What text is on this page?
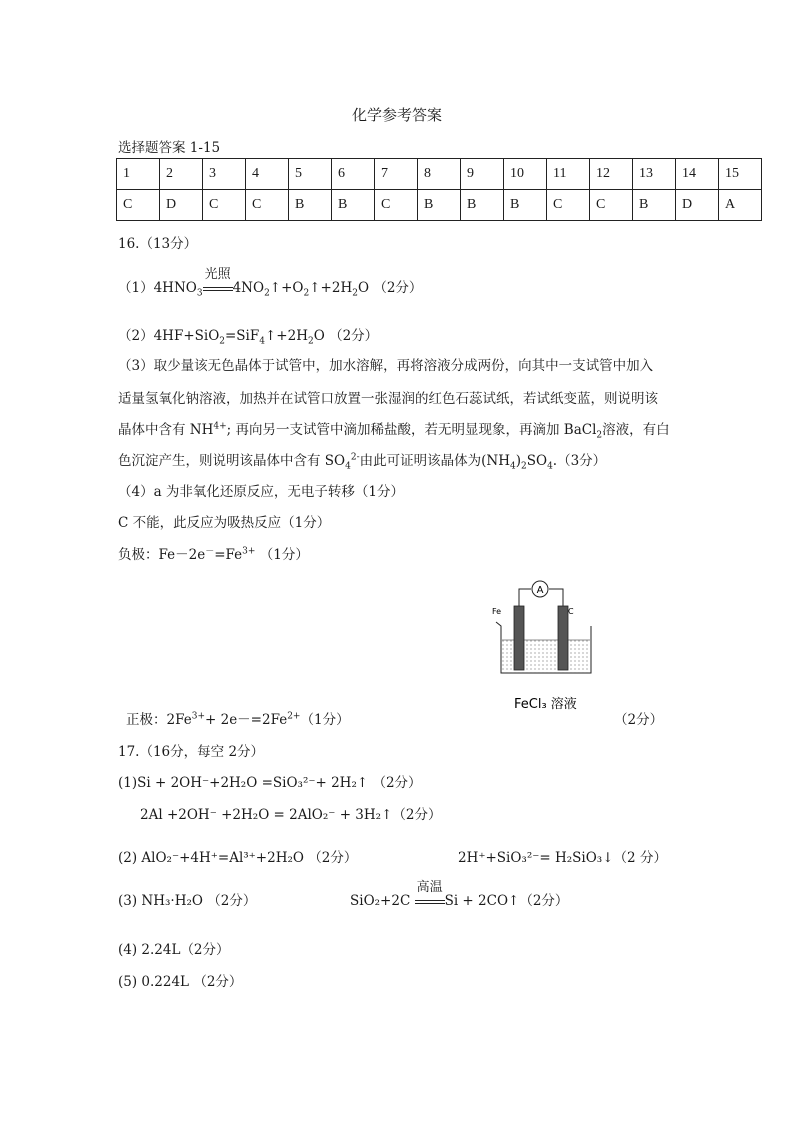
化学参考答案
选择题答案 1-15
1	2	3	4	5	6	7	8	9	10	11	12	13	14	15
C	D	C	C	B	B	C	B	B	B	C	C	B	D	A
16.（13分）
$(1)4HNO_3$
光照
$4NO_2↑+O_2↑+2H_2O$ （2分）
$(2)4HF+SiO_2=SiF_4↑+2H_2O$ （2分）
（3）取少量该无色晶体于试管中，加水溶解，再将溶液分成两份，向其中一支试管中加入
适量氢氧化钠溶液，加热并在试管口放置一张湿润的红色石蕊试纸，若试纸变蓝，则说明该
晶体中含有 $NH^{4+}$; 再向另一支试管中滴加稀盐酸，若无明显现象，再滴加 BaCl$_2$溶液，有白
色沉淀产生，则说明该晶体中含有 $SO_4^{2-}$由此可证明该晶体为$(NH_4)_2SO_4.(3$分）
（4）a 为非氧化还原反应，无电子转移（1分）
C 不能，此反应为吸热反应（1分）
负极：$Fe-2e^-=Fe^{3+}$ （1分）
A
Fe	C
FeCl₃ 溶液
正极：$2Fe^{3+}+ 2e-=2Fe^{2+}(1$分）	（2分）
17.（16分，每空 2分）
(1)Si + 2OH⁻+2H₂O =SiO₃²⁻+ 2H₂↑ （2分）
2Al +2OH⁻ +2H₂O = 2AlO₂⁻ + 3H₂↑（2分）
(2) AlO₂⁻+4H⁺=Al³⁺+2H₂O （2分）	2H⁺+SiO₃²⁻= H₂SiO₃↓（2 分）
(3) NH₃·H₂O （2分）	SiO₂+2C
高温
Si + 2CO↑（2分）
(4) 2.24L（2分）
(5) 0.224L （2分）
